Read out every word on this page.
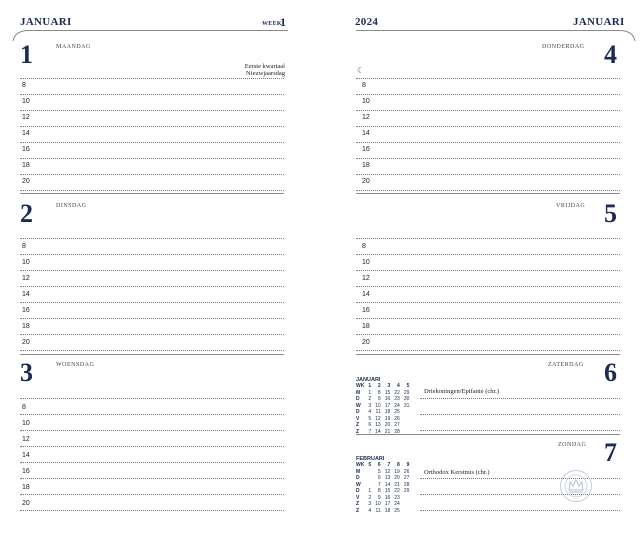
JANUARI	WEEK
1
1	MAANDAG
Eerste kwartaal
Nieuwjaarsdag
8
10
12
14
16
18
20
2	DINSDAG
8
10
12
14
16
18
20
3	WOENSDAG
8
10
12
14
16
18
20
2024	JANUARI
4
DONDERDAG
☾
8
10
12
14
16
18
20
5
VRIJDAG
8
10
12
14
16
18
20
6
ZATERDAG
JANUARI
WK	1	2	3	4	5
M	1	8	15	22	29
D	2	9	16	23	30
W	3	10	17	24	31
D	4	11	18	25	
V	5	12	19	26	
Z	6	13	20	27	
Z	7	14	21	28	
Driekoningen/Epifanie (chr.)
7
ZONDAG
FEBRUARI
WK	5	6	7	8	9
M		5	12	19	26
D		6	13	20	27
W		7	14	21	28
D	1	8	15	22	29
V	2	9	16	23	
Z	3	10	17	24	
Z	4	11	18	25	
Orthodox Kerstmis (chr.)
